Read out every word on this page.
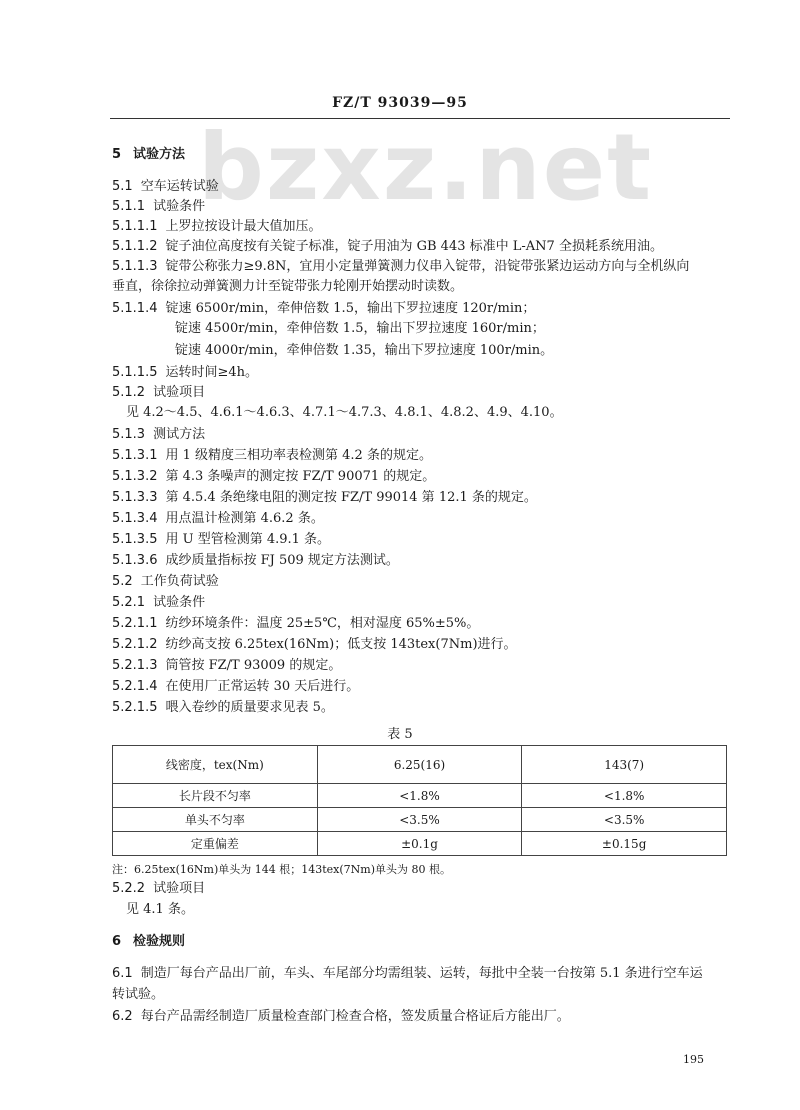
bzxz.net
FZ/T 93039—95
5 试验方法
5.1 空车运转试验
5.1.1 试验条件
5.1.1.1 上罗拉按设计最大值加压。
5.1.1.2 锭子油位高度按有关锭子标准，锭子用油为 GB 443 标准中 L-AN7 全损耗系统用油。
5.1.1.3 锭带公称张力≥9.8N，宜用小定量弹簧测力仪串入锭带，沿锭带张紧边运动方向与全机纵向
垂直，徐徐拉动弹簧测力计至锭带张力轮刚开始摆动时读数。
5.1.1.4 锭速 6500r/min，牵伸倍数 1.5，输出下罗拉速度 120r/min；
锭速 4500r/min，牵伸倍数 1.5，输出下罗拉速度 160r/min；
锭速 4000r/min，牵伸倍数 1.35，输出下罗拉速度 100r/min。
5.1.1.5 运转时间≥4h。
5.1.2 试验项目
见 4.2～4.5、4.6.1～4.6.3、4.7.1～4.7.3、4.8.1、4.8.2、4.9、4.10。
5.1.3 测试方法
5.1.3.1 用 1 级精度三相功率表检测第 4.2 条的规定。
5.1.3.2 第 4.3 条噪声的测定按 FZ/T 90071 的规定。
5.1.3.3 第 4.5.4 条绝缘电阻的测定按 FZ/T 99014 第 12.1 条的规定。
5.1.3.4 用点温计检测第 4.6.2 条。
5.1.3.5 用 U 型管检测第 4.9.1 条。
5.1.3.6 成纱质量指标按 FJ 509 规定方法测试。
5.2 工作负荷试验
5.2.1 试验条件
5.2.1.1 纺纱环境条件：温度 25±5℃，相对湿度 65%±5%。
5.2.1.2 纺纱高支按 6.25tex(16Nm)；低支按 143tex(7Nm)进行。
5.2.1.3 筒管按 FZ/T 93009 的规定。
5.2.1.4 在使用厂正常运转 30 天后进行。
5.2.1.5 喂入卷纱的质量要求见表 5。
表 5
线密度，tex(Nm)	6.25(16)	143(7)
长片段不匀率	<1.8%	<1.8%
单头不匀率	<3.5%	<3.5%
定重偏差	±0.1g	±0.15g
注：6.25tex(16Nm)单头为 144 根；143tex(7Nm)单头为 80 根。
5.2.2 试验项目
见 4.1 条。
6 检验规则
6.1 制造厂每台产品出厂前，车头、车尾部分均需组装、运转，每批中全装一台按第 5.1 条进行空车运
转试验。
6.2 每台产品需经制造厂质量检查部门检查合格，签发质量合格证后方能出厂。
195
